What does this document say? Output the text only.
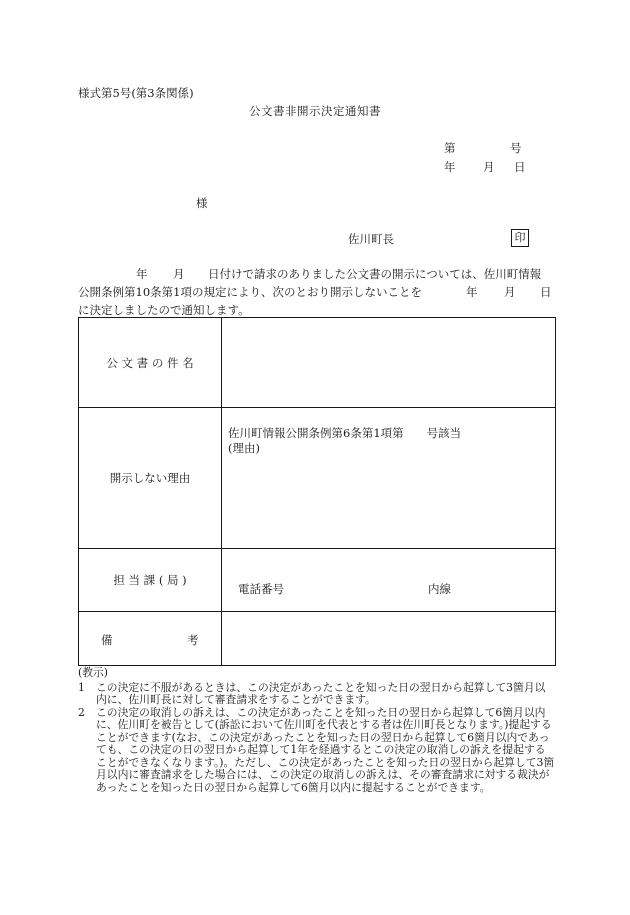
様式第5号(第3条関係)
公文書非開示決定通知書
第	号
年 月 日
様
佐川町長	印
年 月 日付けで請求のありました公文書の開示については、佐川町情報
公開条例第10条第1項の規定により、次のとおり開示しないことを	年 月 日
に決定しましたので通知します。
公 文 書 の 件 名	
開示しない理由	佐川町情報公開条例第6条第1項第　　号該当
(理由)

担 当 課 ( 局 )	電話番号 内線

備 考	

(教示)
1 この決定に不服があるときは、この決定があったことを知った日の翌日から起算して3箇月以内に、佐川町長に対して審査請求をすることができます。
2 この決定の取消しの訴えは、この決定があったことを知った日の翌日から起算して6箇月以内に、佐川町を被告として(訴訟において佐川町を代表とする者は佐川町長となります。)提起することができます(なお、この決定があったことを知った日の翌日から起算して6箇月以内であっても、この決定の日の翌日から起算して1年を経過するとこの決定の取消しの訴えを提起することができなくなります。)。ただし、この決定があったことを知った日の翌日から起算して3箇月以内に審査請求をした場合には、この決定の取消しの訴えは、その審査請求に対する裁決があったことを知った日の翌日から起算して6箇月以内に提起することができます。
